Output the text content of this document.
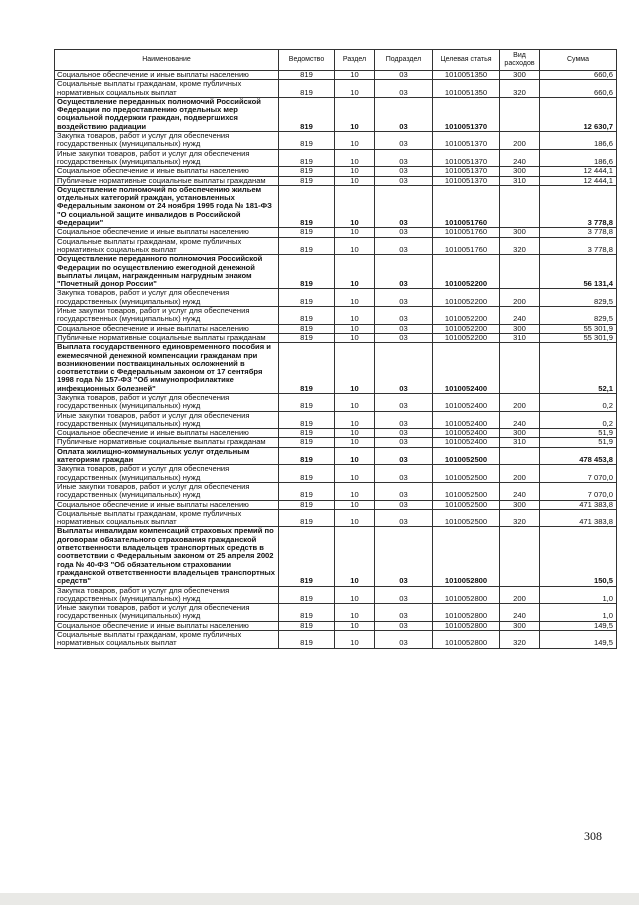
Наименование	Ведомство	Раздел	Подраздел	Целевая статья	Вид расходов	Сумма
Социальное обеспечение и иные выплаты населению	819	10	03	1010051350	300	660,6
Социальные выплаты гражданам, кроме публичных нормативных социальных выплат	819	10	03	1010051350	320	660,6
Осуществление переданных полномочий Российской Федерации по предоставлению отдельных мер социальной поддержки граждан, подвергшихся воздействию радиации	819	10	03	1010051370		12 630,7
Закупка товаров, работ и услуг для обеспечения государственных (муниципальных) нужд	819	10	03	1010051370	200	186,6
Иные закупки товаров, работ и услуг для обеспечения государственных (муниципальных) нужд	819	10	03	1010051370	240	186,6
Социальное обеспечение и иные выплаты населению	819	10	03	1010051370	300	12 444,1
Публичные нормативные социальные выплаты гражданам	819	10	03	1010051370	310	12 444,1
Осуществление полномочий по обеспечению жильем отдельных категорий граждан, установленных Федеральным законом от 24 ноября 1995 года № 181-ФЗ "О социальной защите инвалидов в Российской Федерации"	819	10	03	1010051760		3 778,8
Социальное обеспечение и иные выплаты населению	819	10	03	1010051760	300	3 778,8
Социальные выплаты гражданам, кроме публичных нормативных социальных выплат	819	10	03	1010051760	320	3 778,8
Осуществление переданного полномочия Российской Федерации по осуществлению ежегодной денежной выплаты лицам, награжденным нагрудным знаком "Почетный донор России"	819	10	03	1010052200		56 131,4
Закупка товаров, работ и услуг для обеспечения государственных (муниципальных) нужд	819	10	03	1010052200	200	829,5
Иные закупки товаров, работ и услуг для обеспечения государственных (муниципальных) нужд	819	10	03	1010052200	240	829,5
Социальное обеспечение и иные выплаты населению	819	10	03	1010052200	300	55 301,9
Публичные нормативные социальные выплаты гражданам	819	10	03	1010052200	310	55 301,9
Выплата государственного единовременного пособия и ежемесячной денежной компенсации гражданам при возникновении поствакцинальных осложнений в соответствии с Федеральным законом от 17 сентября 1998 года № 157-ФЗ "Об иммунопрофилактике инфекционных болезней"	819	10	03	1010052400		52,1
Закупка товаров, работ и услуг для обеспечения государственных (муниципальных) нужд	819	10	03	1010052400	200	0,2
Иные закупки товаров, работ и услуг для обеспечения государственных (муниципальных) нужд	819	10	03	1010052400	240	0,2
Социальное обеспечение и иные выплаты населению	819	10	03	1010052400	300	51,9
Публичные нормативные социальные выплаты гражданам	819	10	03	1010052400	310	51,9
Оплата жилищно-коммунальных услуг отдельным категориям граждан	819	10	03	1010052500		478 453,8
Закупка товаров, работ и услуг для обеспечения государственных (муниципальных) нужд	819	10	03	1010052500	200	7 070,0
Иные закупки товаров, работ и услуг для обеспечения государственных (муниципальных) нужд	819	10	03	1010052500	240	7 070,0
Социальное обеспечение и иные выплаты населению	819	10	03	1010052500	300	471 383,8
Социальные выплаты гражданам, кроме публичных нормативных социальных выплат	819	10	03	1010052500	320	471 383,8
Выплаты инвалидам компенсаций страховых премий по договорам обязательного страхования гражданской ответственности владельцев транспортных средств в соответствии с Федеральным законом от 25 апреля 2002 года № 40-ФЗ "Об обязательном страховании гражданской ответственности владельцев транспортных средств"	819	10	03	1010052800		150,5
Закупка товаров, работ и услуг для обеспечения государственных (муниципальных) нужд	819	10	03	1010052800	200	1,0
Иные закупки товаров, работ и услуг для обеспечения государственных (муниципальных) нужд	819	10	03	1010052800	240	1,0
Социальное обеспечение и иные выплаты населению	819	10	03	1010052800	300	149,5
Социальные выплаты гражданам, кроме публичных нормативных социальных выплат	819	10	03	1010052800	320	149,5
308
